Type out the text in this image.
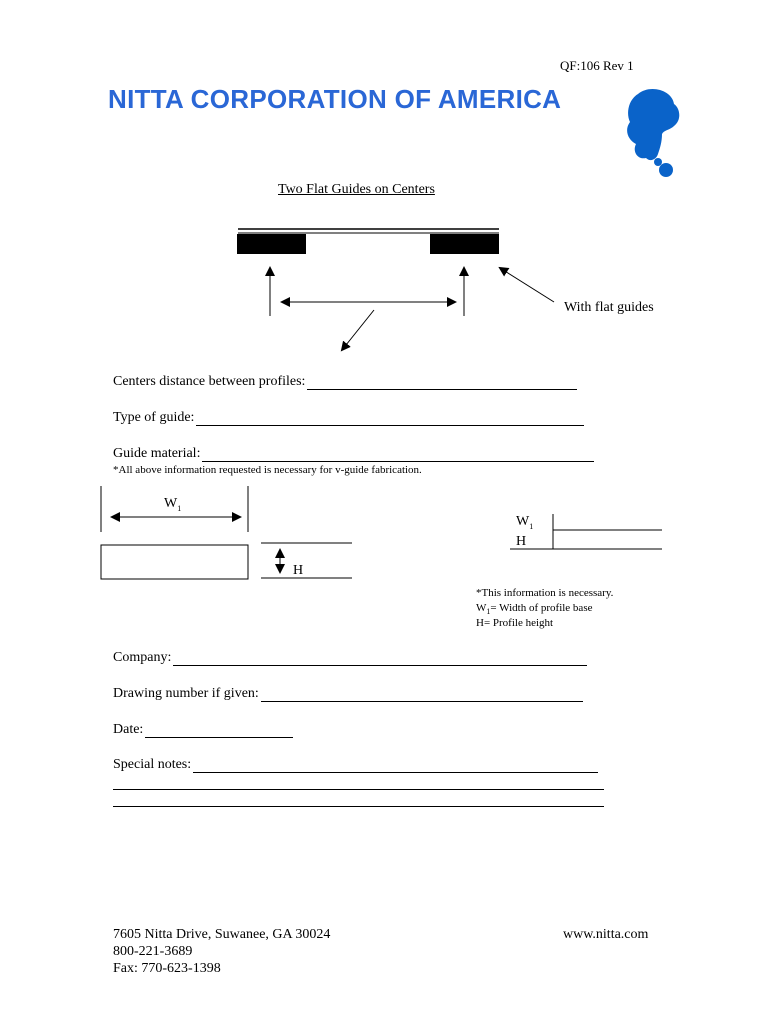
QF:106 Rev 1
NITTA CORPORATION OF AMERICA
Two Flat Guides on Centers
With flat guides
Centers distance between profiles:
Type of guide:
Guide material:
*All above information requested is necessary for v-guide fabrication.
$W_1$
H
$W_1$
H
*This information is necessary.
$W_1=$ Width of profile base
H= Profile height
Company:
Drawing number if given:
Date:
Special notes:
7605 Nitta Drive, Suwanee, GA 30024
800-221-3689
Fax: 770-623-1398
www.nitta.com
